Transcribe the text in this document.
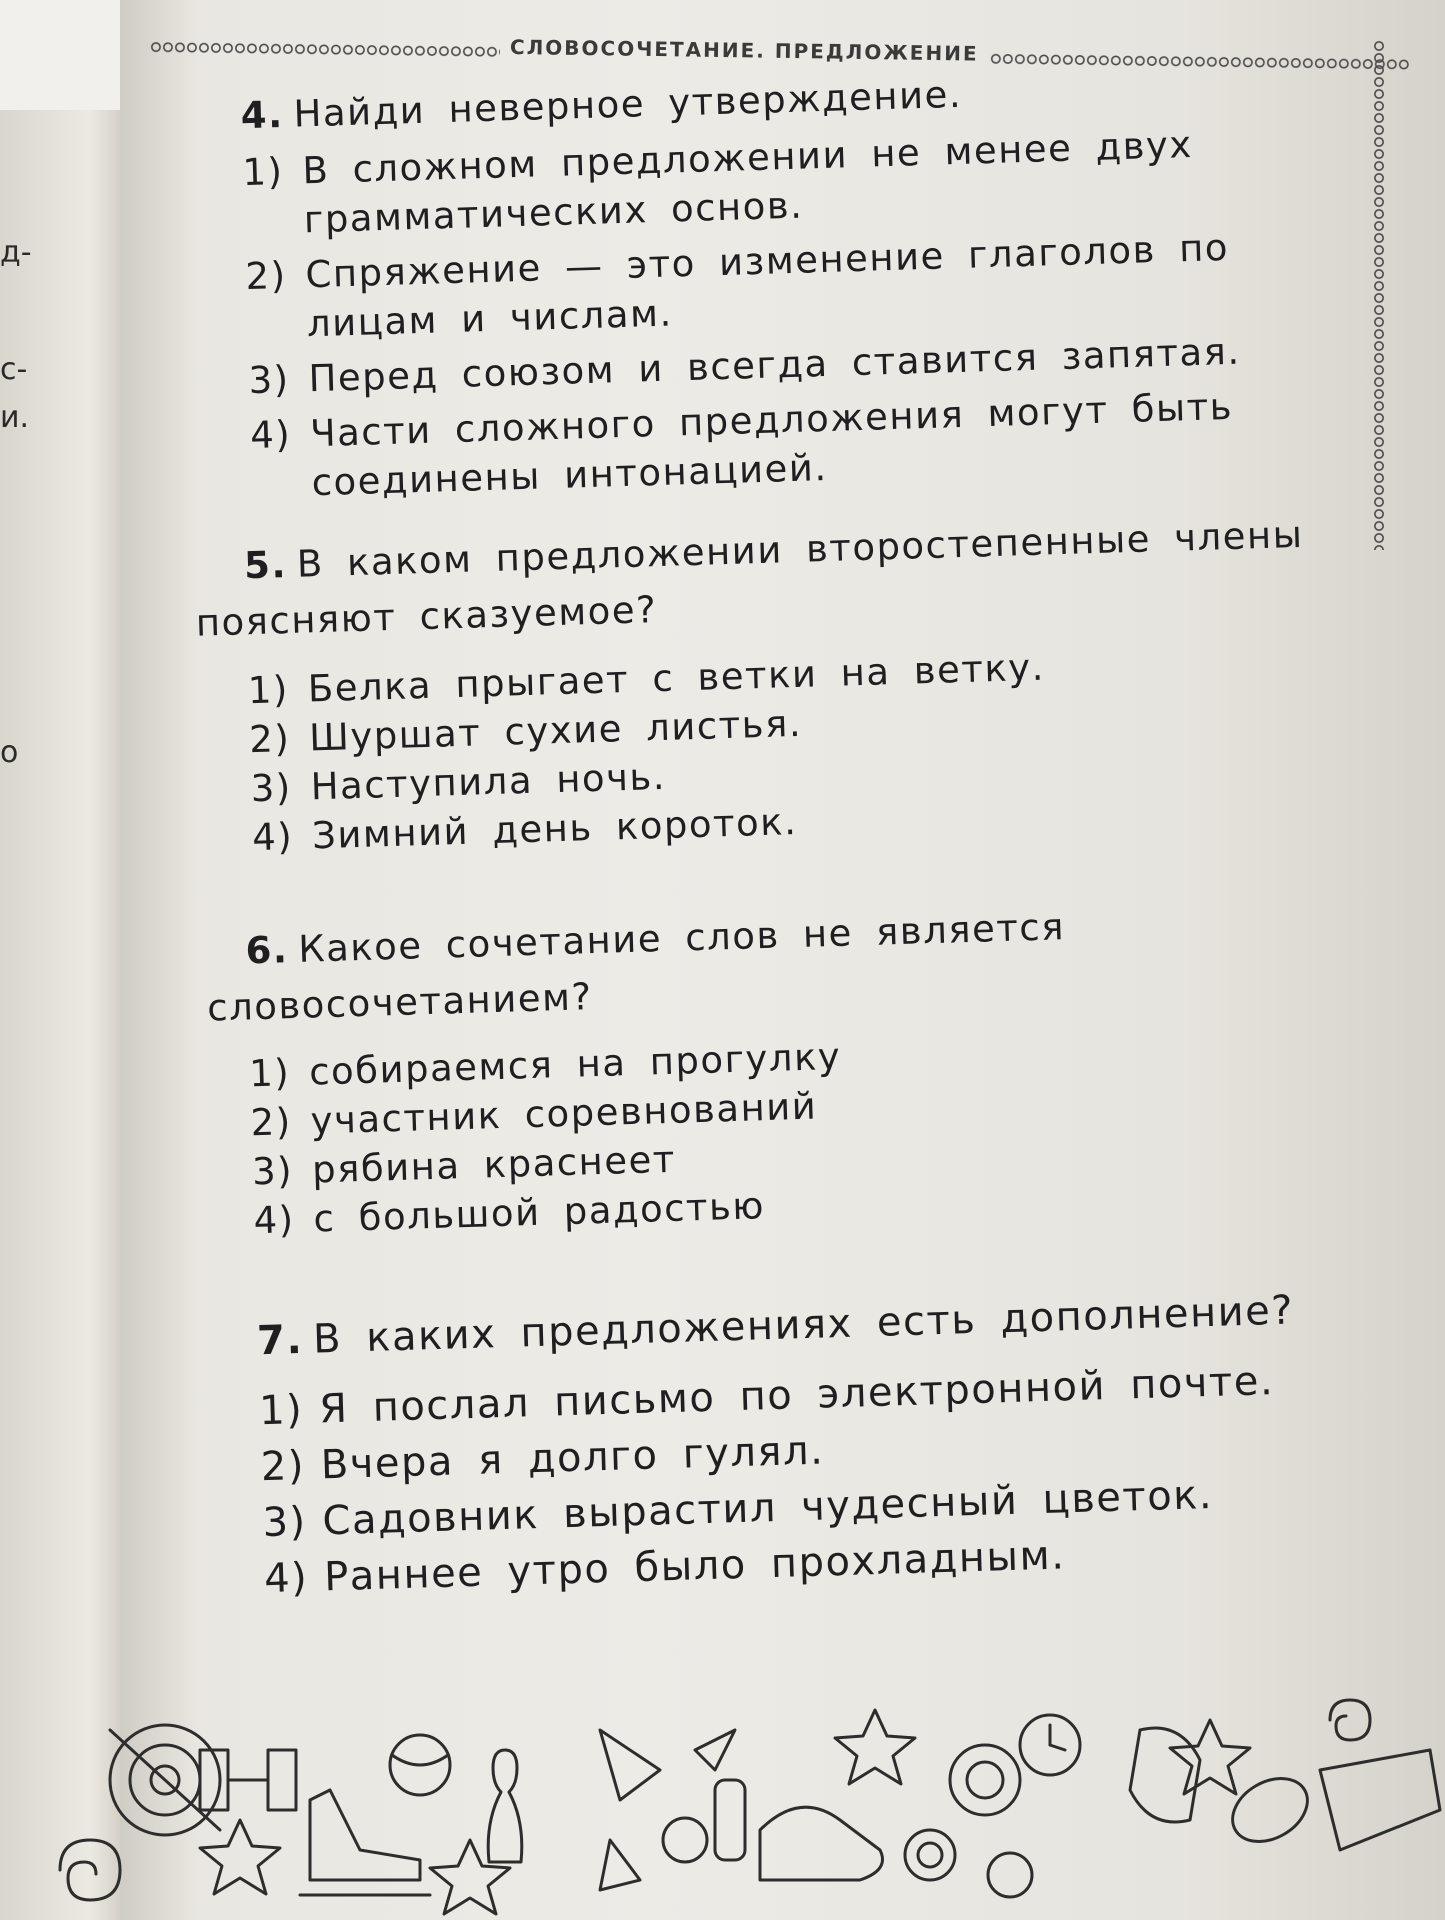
д-
с-
и.
о
СЛОВОСОЧЕТАНИЕ. ПРЕДЛОЖЕНИЕ
4. Найди неверное утверждение.
1) В сложном предложении не менее двух грамматических основ.
2) Спряжение — это изменение глаголов по лицам и числам.
3) Перед союзом и всегда ставится запятая.
4) Части сложного предложения могут быть соединены интонацией.
5. В каком предложении второстепенные члены поясняют сказуемое?
1) Белка прыгает с ветки на ветку.
2) Шуршат сухие листья.
3) Наступила ночь.
4) Зимний день короток.
6. Какое сочетание слов не является словосочетанием?
1) собираемся на прогулку
2) участник соревнований
3) рябина краснеет
4) с большой радостью
7. В каких предложениях есть дополнение?
1) Я послал письмо по электронной почте.
2) Вчера я долго гулял.
3) Садовник вырастил чудесный цветок.
4) Раннее утро было прохладным.
